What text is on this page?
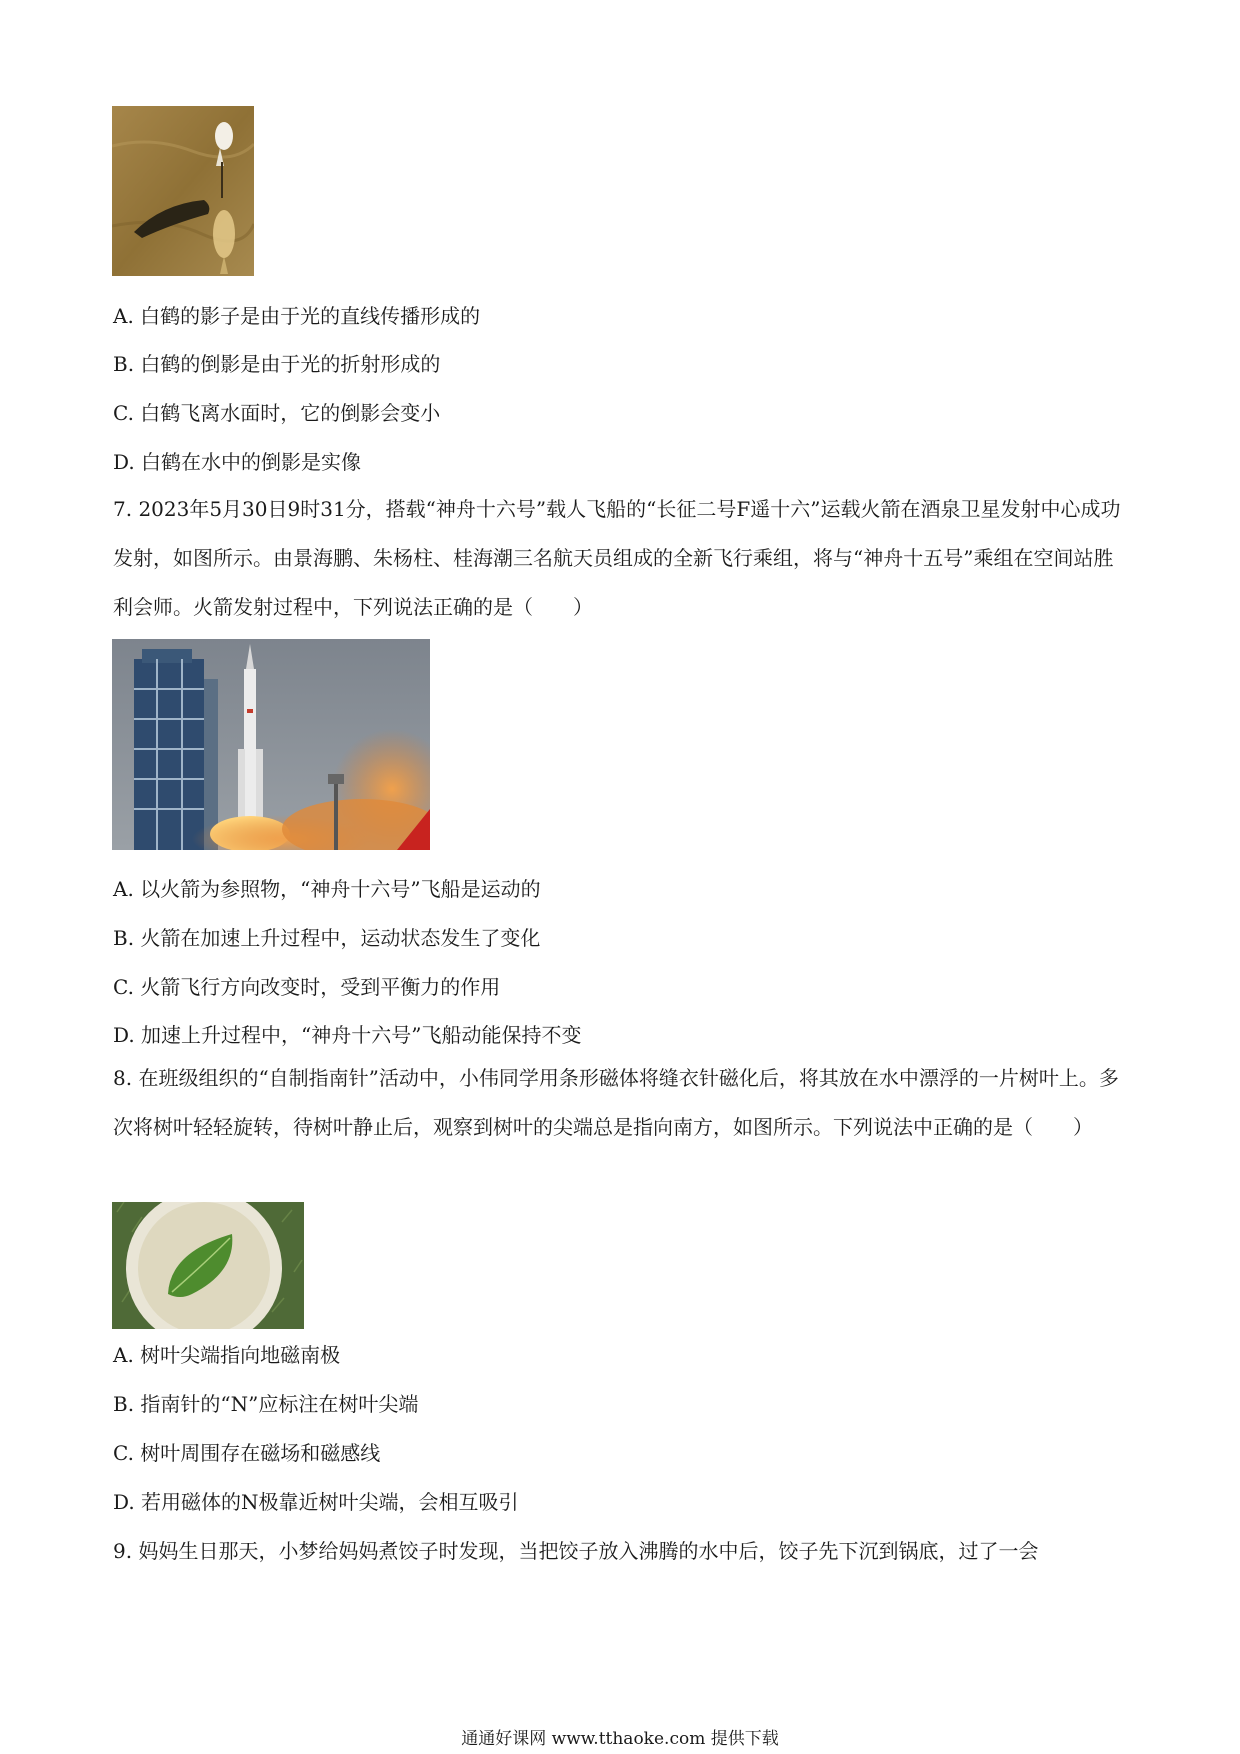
A. 白鹤的影子是由于光的直线传播形成的
B. 白鹤的倒影是由于光的折射形成的
C. 白鹤飞离水面时，它的倒影会变小
D. 白鹤在水中的倒影是实像
7. 2023年5月30日9时31分，搭载“神舟十六号”载人飞船的“长征二号F遥十六”运载火箭在酒泉卫星发射中心成功发射，如图所示。由景海鹏、朱杨柱、桂海潮三名航天员组成的全新飞行乘组，将与“神舟十五号”乘组在空间站胜利会师。火箭发射过程中，下列说法正确的是（　　）
A. 以火箭为参照物，“神舟十六号”飞船是运动的
B. 火箭在加速上升过程中，运动状态发生了变化
C. 火箭飞行方向改变时，受到平衡力的作用
D. 加速上升过程中，“神舟十六号”飞船动能保持不变
8. 在班级组织的“自制指南针”活动中，小伟同学用条形磁体将缝衣针磁化后，将其放在水中漂浮的一片树叶上。多次将树叶轻轻旋转，待树叶静止后，观察到树叶的尖端总是指向南方，如图所示。下列说法中正确的是（　　）
A. 树叶尖端指向地磁南极
B. 指南针的“N”应标注在树叶尖端
C. 树叶周围存在磁场和磁感线
D. 若用磁体的N极靠近树叶尖端，会相互吸引
9. 妈妈生日那天，小梦给妈妈煮饺子时发现，当把饺子放入沸腾的水中后，饺子先下沉到锅底，过了一会
通通好课网 www.tthaoke.com 提供下载
